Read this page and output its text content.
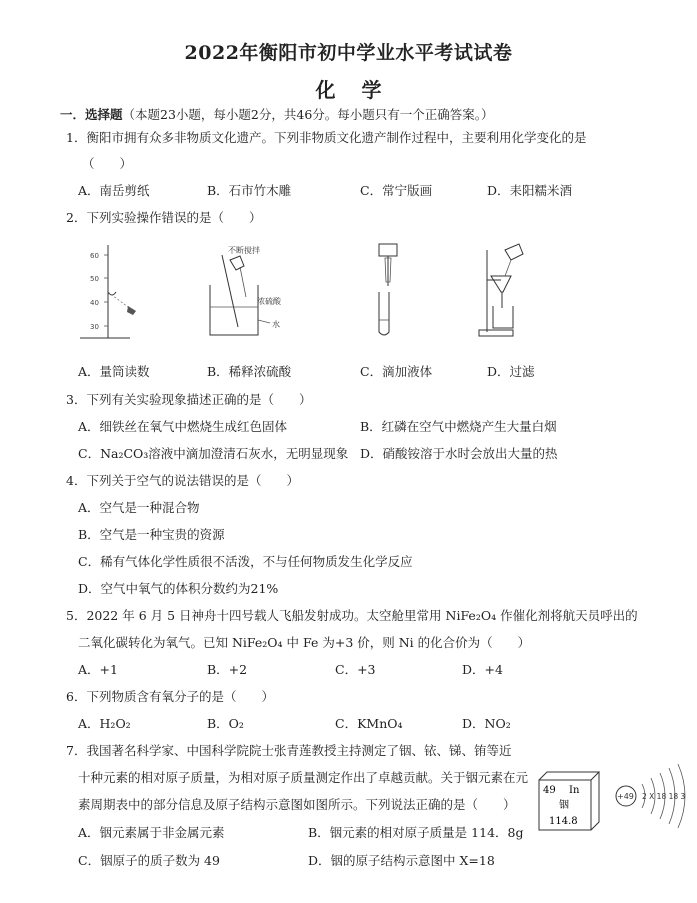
2022年衡阳市初中学业水平考试试卷
化学
一．选择题（本题23小题，每小题2分，共46分。每小题只有一个正确答案。）
1．衡阳市拥有众多非物质文化遗产。下列非物质文化遗产制作过程中，主要利用化学变化的是
（　　）
A．南岳剪纸	B．石市竹木雕	C．常宁版画	D．耒阳糯米酒
2．下列实验操作错误的是（　　）
60
50
40
30
不断搅拌
浓硫酸
水
A．量筒读数	B．稀释浓硫酸	C．滴加液体	D．过滤
3．下列有关实验现象描述正确的是（　　）
A．细铁丝在氧气中燃烧生成红色固体	B．红磷在空气中燃烧产生大量白烟
C．Na₂CO₃溶液中滴加澄清石灰水，无明显现象 D．硝酸铵溶于水时会放出大量的热
4．下列关于空气的说法错误的是（　　）
A．空气是一种混合物
B．空气是一种宝贵的资源
C．稀有气体化学性质很不活泼，不与任何物质发生化学反应
D．空气中氧气的体积分数约为21%
5．2022 年 6 月 5 日神舟十四号载人飞船发射成功。太空舱里常用 NiFe₂O₄ 作催化剂将航天员呼出的
二氧化碳转化为氧气。已知 NiFe₂O₄ 中 Fe 为+3 价，则 Ni 的化合价为（　　）
A．+1	B．+2	C．+3	D．+4
6．下列物质含有氧分子的是（　　）
A．H₂O₂	B．O₂	C．KMnO₄	D．NO₂
7．我国著名科学家、中国科学院院士张青莲教授主持测定了铟、铱、锑、铕等近
十种元素的相对原子质量，为相对原子质量测定作出了卓越贡献。关于铟元素在元
素周期表中的部分信息及原子结构示意图如图所示。下列说法正确的是（　　）
A．铟元素属于非金属元素	B．铟元素的相对原子质量是 114．8g
C．铟原子的质子数为 49	D．铟的原子结构示意图中 X=18
49 In
铟
114.8
+49 2 X 18 18 3
